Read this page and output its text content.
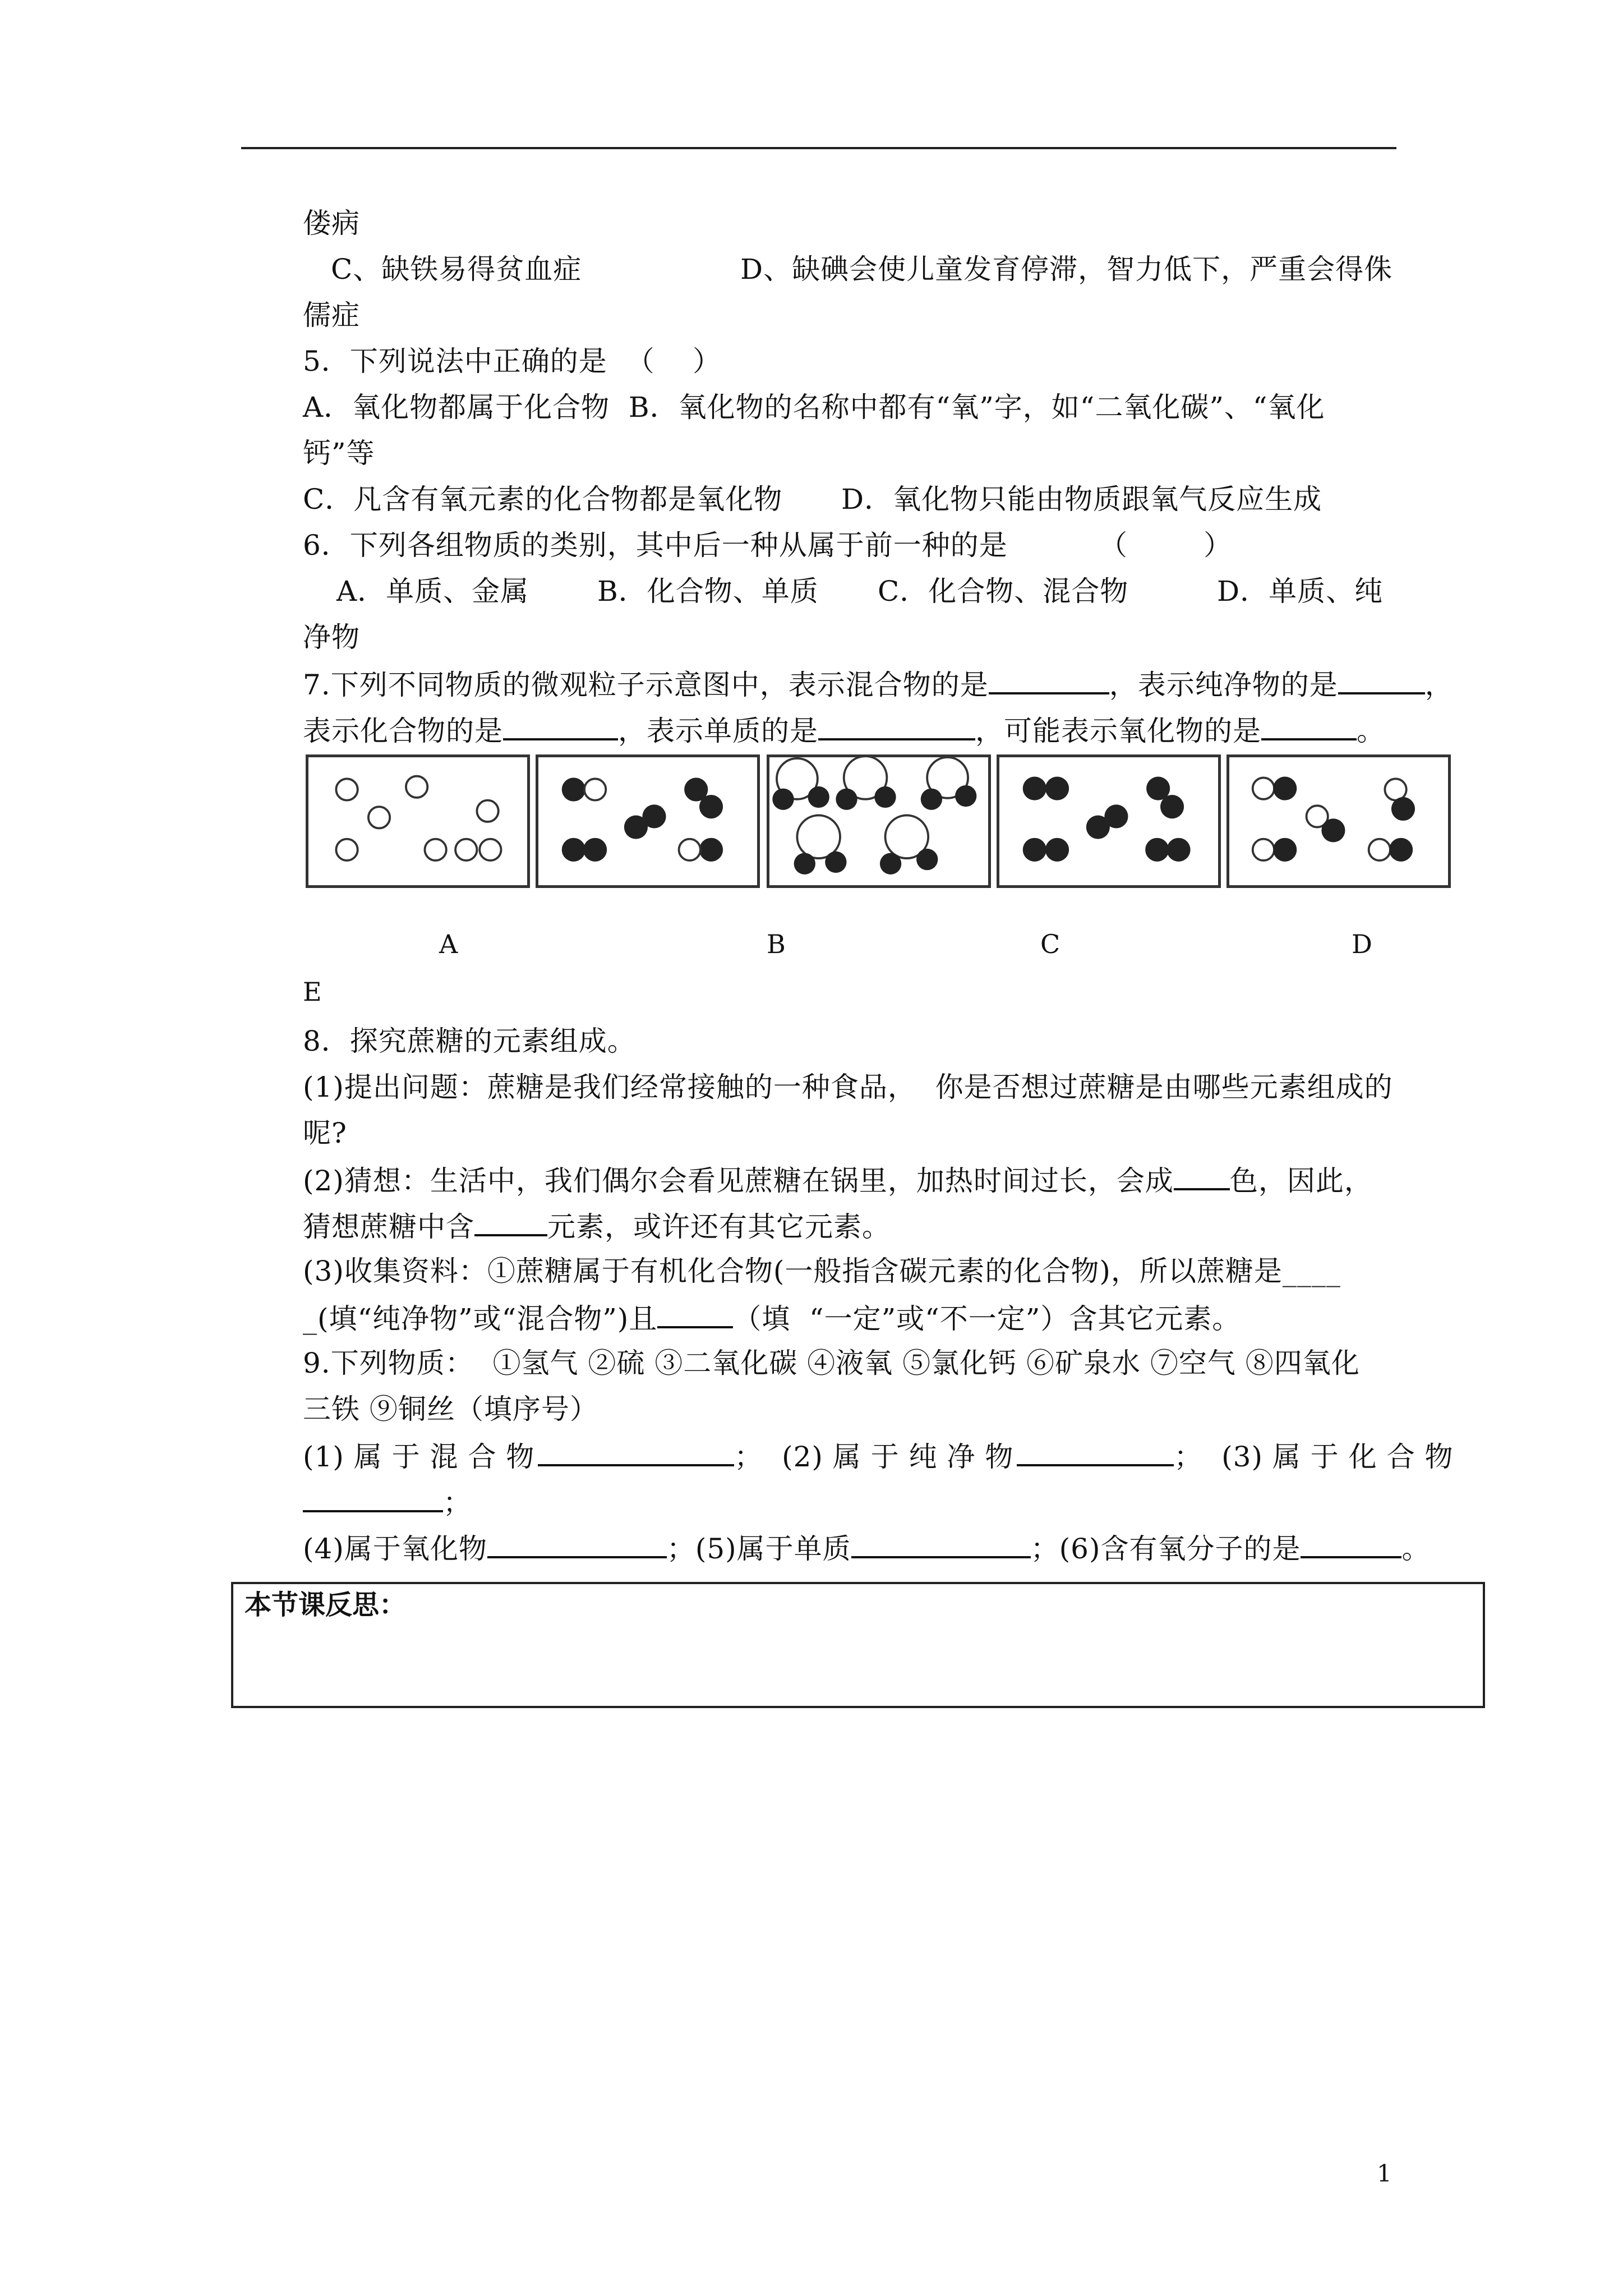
偻病
C、缺铁易得贫血症	D、缺碘会使儿童发育停滞，智力低下，严重会得侏
儒症
5．下列说法中正确的是  （    ）
A．氧化物都属于化合物  B．氧化物的名称中都有“氧”字，如“二氧化碳”、“氧化
钙”等
C．凡含有氧元素的化合物都是氧化物 D．氧化物只能由物质跟氧气反应生成
6．下列各组物质的类别，其中后一种从属于前一种的是	（        ）
A．单质、金属 B．化合物、单质 C．化合物、混合物	D．单质、纯
净物
7.下列不同物质的微观粒子示意图中，表示混合物的是	，表示纯净物的是	，
表示化合物的是	，表示单质的是	，可能表示氧化物的是	。
A	B	C	D
E
8．探究蔗糖的元素组成。
(1)提出问题：蔗糖是我们经常接触的一种食品，  你是否想过蔗糖是由哪些元素组成的
呢?
(2)猜想：生活中，我们偶尔会看见蔗糖在锅里，加热时间过长，会成 色，因此，
猜想蔗糖中含	元素，或许还有其它元素。
(3)收集资料：①蔗糖属于有机化合物(一般指含碳元素的化合物)，所以蔗糖是____
_(填“纯净物”或“混合物”)且	（填  “一定”或“不一定”）含其它元素。
9.下列物质：  ①氢气 ②硫 ③二氧化碳 ④液氧 ⑤氯化钙 ⑥矿泉水 ⑦空气 ⑧四氧化
三铁 ⑨铜丝（填序号）
(1) 属 于 混 合 物	；  (2) 属 于 纯 净 物	；  (3) 属 于 化 合 物
；
(4)属于氧化物	；(5)属于单质	；(6)含有氧分子的是	。
本节课反思：
1
